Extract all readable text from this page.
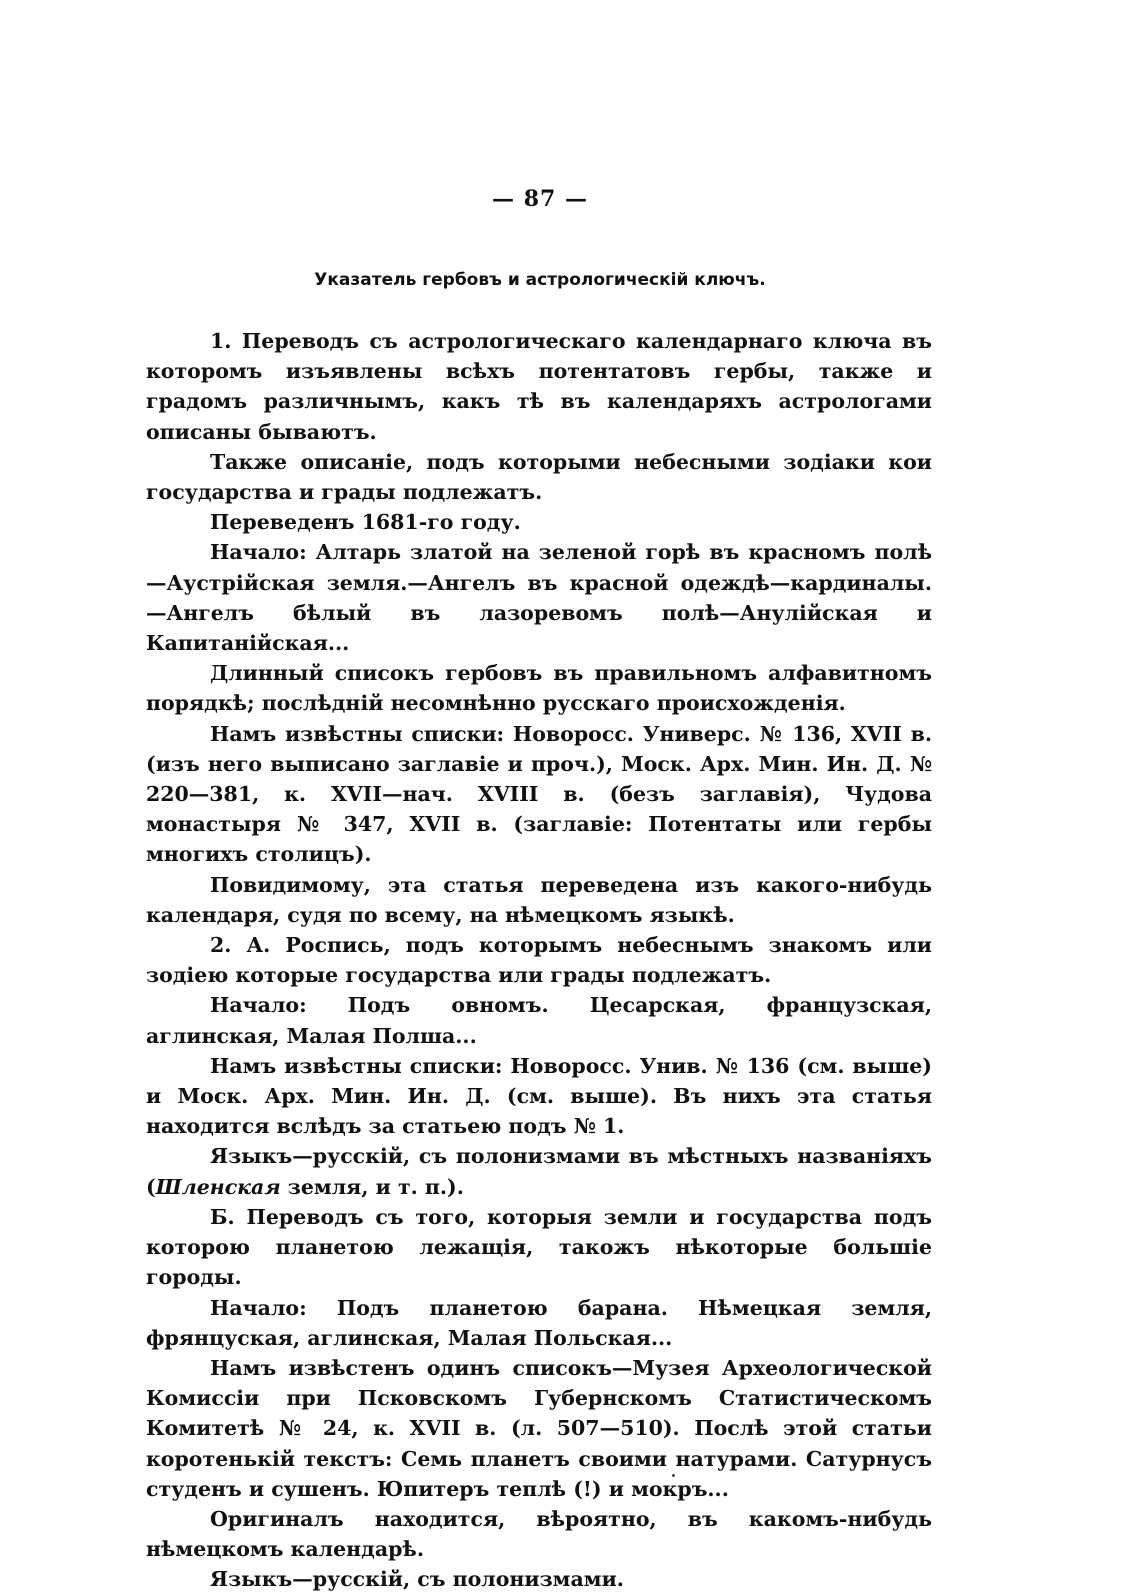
— 87 —
Указатель гербовъ и астрологическій ключъ.

1. Переводъ съ астрологическаго календарнаго ключа въ которомъ изъявлены всѣхъ потентатовъ гербы, также и градомъ различнымъ, какъ тѣ въ календаряхъ астрологами описаны бываютъ.

Также описаніе, подъ которыми небесными зодіаки кои государства и грады подлежатъ.

Переведенъ 1681-го году.

Начало: Алтарь златой на зеленой горѣ въ красномъ полѣ—Аустрійская земля.—Ангелъ въ красной одеждѣ—кардиналы.—Ангелъ бѣлый въ лазоревомъ полѣ—Анулійская и Капитанійская...

Длинный списокъ гербовъ въ правильномъ алфавитномъ порядкѣ; послѣдній несомнѣнно русскаго происхожденія.

Намъ извѣстны списки: Новоросс. Универс. № 136, XVII в. (изъ него выписано заглавіе и проч.), Моск. Арх. Мин. Ин. Д. № 220—381, к. XVII—нач. XVIII в. (безъ заглавія), Чудова монастыря № 347, XVII в. (заглавіе: Потентаты или гербы многихъ столицъ).

Повидимому, эта статья переведена изъ какого-нибудь календаря, судя по всему, на нѣмецкомъ языкѣ.

2. А. Роспись, подъ которымъ небеснымъ знакомъ или зодіею которые государства или грады подлежатъ.

Начало: Подъ овномъ. Цесарская, французская, аглинская, Малая Полша...

Намъ извѣстны списки: Новоросс. Унив. № 136 (см. выше) и Моск. Арх. Мин. Ин. Д. (см. выше). Въ нихъ эта статья находится вслѣдъ за статьею подъ № 1.

Языкъ—русскій, съ полонизмами въ мѣстныхъ названіяхъ (Шленская земля, и т. п.).

Б. Переводъ съ того, которыя земли и государства подъ которою планетою лежащія, такожъ нѣкоторые большіе городы.

Начало: Подъ планетою барана. Нѣмецкая земля, фрянцуская, аглинская, Малая Польская...

Намъ извѣстенъ одинъ списокъ—Музея Археологической Комиссіи при Псковскомъ Губернскомъ Статистическомъ Комитетѣ № 24, к. XVII в. (л. 507—510). Послѣ этой статьи коротенькій текстъ: Семь планетъ своими натурами. Сатурнусъ студенъ и сушенъ. Юпитеръ теплѣ (!) и мокръ...

Оригиналъ находится, вѣроятно, въ какомъ-нибудь нѣмецкомъ календарѣ.

Языкъ—русскій, съ полонизмами.
